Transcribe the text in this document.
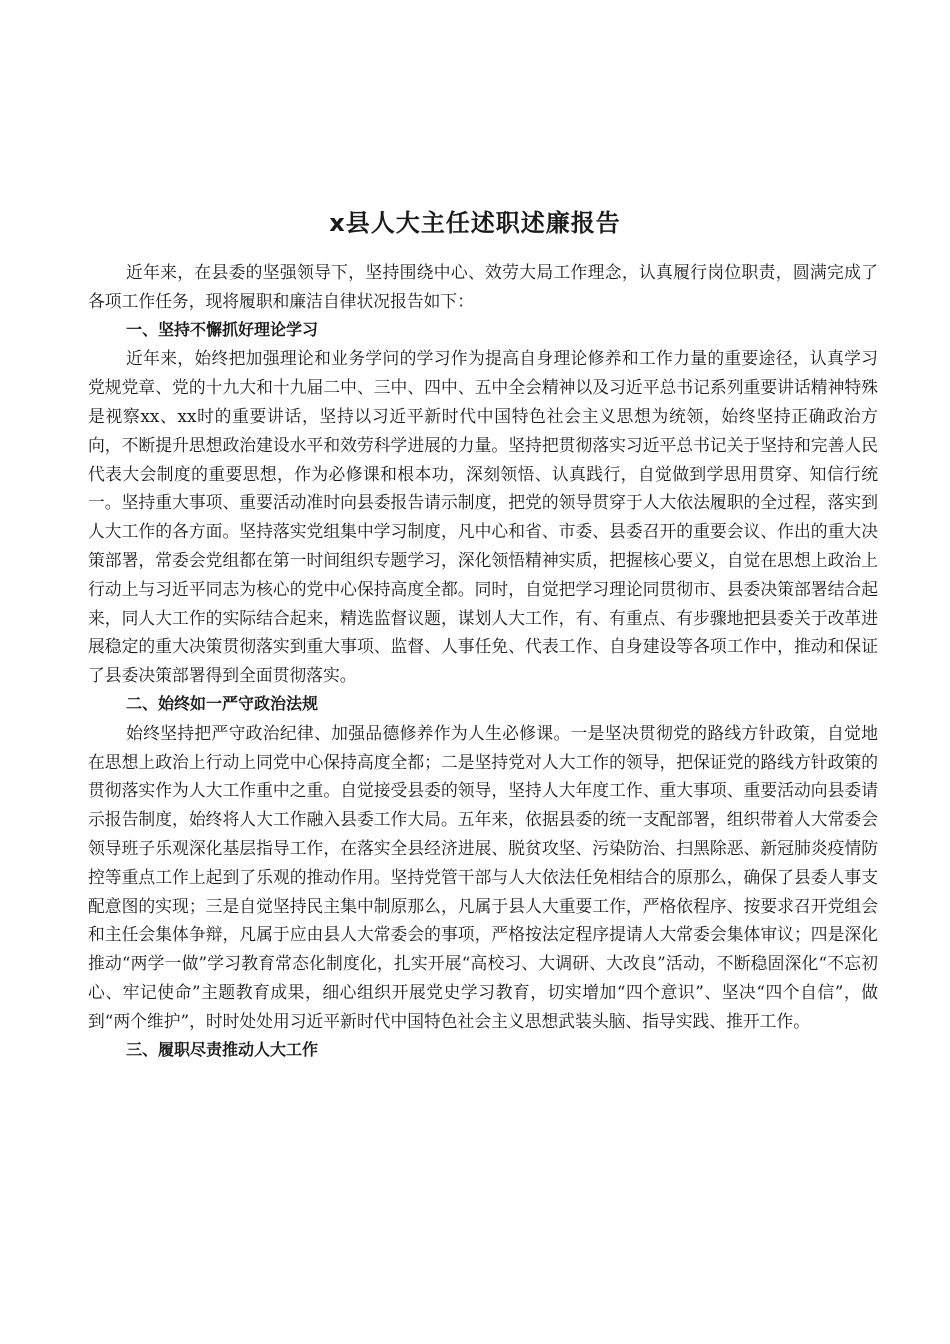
x县人大主任述职述廉报告

近年来，在县委的坚强领导下，坚持围绕中心、效劳大局工作理念，认真履行岗位职责，圆满完成了各项工作任务，现将履职和廉洁自律状况报告如下：

一、坚持不懈抓好理论学习

近年来，始终把加强理论和业务学问的学习作为提高自身理论修养和工作力量的重要途径，认真学习党规党章、党的十九大和十九届二中、三中、四中、五中全会精神以及习近平总书记系列重要讲话精神特殊是视察xx、xx时的重要讲话，坚持以习近平新时代中国特色社会主义思想为统领，始终坚持正确政治方向，不断提升思想政治建设水平和效劳科学进展的力量。坚持把贯彻落实习近平总书记关于坚持和完善人民代表大会制度的重要思想，作为必修课和根本功，深刻领悟、认真践行，自觉做到学思用贯穿、知信行统一。坚持重大事项、重要活动准时向县委报告请示制度，把党的领导贯穿于人大依法履职的全过程，落实到人大工作的各方面。坚持落实党组集中学习制度，凡中心和省、市委、县委召开的重要会议、作出的重大决策部署，常委会党组都在第一时间组织专题学习，深化领悟精神实质，把握核心要义，自觉在思想上政治上行动上与习近平同志为核心的党中心保持高度全都。同时，自觉把学习理论同贯彻市、县委决策部署结合起来，同人大工作的实际结合起来，精选监督议题，谋划人大工作，有、有重点、有步骤地把县委关于改革进展稳定的重大决策贯彻落实到重大事项、监督、人事任免、代表工作、自身建设等各项工作中，推动和保证了县委决策部署得到全面贯彻落实。

二、始终如一严守政治法规

始终坚持把严守政治纪律、加强品德修养作为人生必修课。一是坚决贯彻党的路线方针政策，自觉地在思想上政治上行动上同党中心保持高度全都；二是坚持党对人大工作的领导，把保证党的路线方针政策的贯彻落实作为人大工作重中之重。自觉接受县委的领导，坚持人大年度工作、重大事项、重要活动向县委请示报告制度，始终将人大工作融入县委工作大局。五年来，依据县委的统一支配部署，组织带着人大常委会领导班子乐观深化基层指导工作，在落实全县经济进展、脱贫攻坚、污染防治、扫黑除恶、新冠肺炎疫情防控等重点工作上起到了乐观的推动作用。坚持党管干部与人大依法任免相结合的原那么，确保了县委人事支配意图的实现；三是自觉坚持民主集中制原那么，凡属于县人大重要工作，严格依程序、按要求召开党组会和主任会集体争辩，凡属于应由县人大常委会的事项，严格按法定程序提请人大常委会集体审议；四是深化推动“两学一做”学习教育常态化制度化，扎实开展“高校习、大调研、大改良”活动，不断稳固深化“不忘初心、牢记使命”主题教育成果，细心组织开展党史学习教育，切实增加“四个意识”、坚决“四个自信”，做到“两个维护”，时时处处用习近平新时代中国特色社会主义思想武装头脑、指导实践、推开工作。

三、履职尽责推动人大工作
